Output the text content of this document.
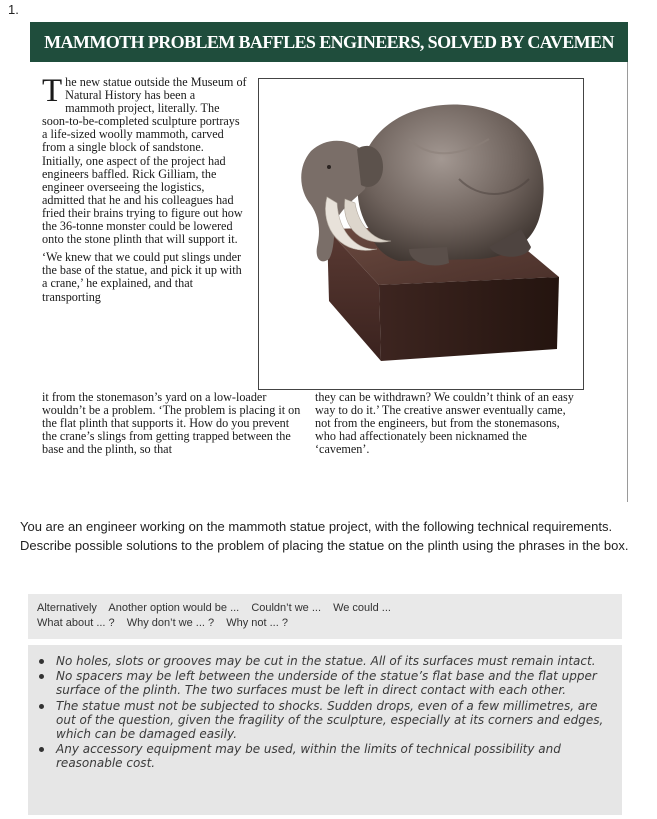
1.
MAMMOTH PROBLEM BAFFLES ENGINEERS, SOLVED BY CAVEMEN

The new statue outside the Museum of Natural History has been a mammoth project, literally. The soon-to-be-completed sculpture portrays a life-sized woolly mammoth, carved from a single block of sandstone. Initially, one aspect of the project had engineers baffled. Rick Gilliam, the engineer overseeing the logistics, admitted that he and his colleagues had fried their brains trying to figure out how the 36-tonne monster could be lowered onto the stone plinth that will support it.

‘We knew that we could put slings under the base of the statue, and pick it up with a crane,’ he explained, and that transporting

it from the stonemason’s yard on a low-loader wouldn’t be a problem. ‘The problem is placing it on the flat plinth that supports it. How do you prevent the crane’s slings from getting trapped between the base and the plinth, so that
they can be withdrawn? We couldn’t think of an easy way to do it.’ The creative answer eventually came, not from the engineers, but from the stonemasons, who had affectionately been nicknamed the ‘cavemen’.
You are an engineer working on the mammoth statue project, with the following technical requirements. Describe possible solutions to the problem of placing the statue on the plinth using the phrases in the box.
Alternatively Another option would be ... Couldn’t we ... We could ...
What about ... ? Why don’t we ... ? Why not ... ?
No holes, slots or grooves may be cut in the statue. All of its surfaces must remain intact.
No spacers may be left between the underside of the statue’s flat base and the flat upper surface of the plinth. The two surfaces must be left in direct contact with each other.
The statue must not be subjected to shocks. Sudden drops, even of a few millimetres, are out of the question, given the fragility of the sculpture, especially at its corners and edges, which can be damaged easily.
Any accessory equipment may be used, within the limits of technical possibility and reasonable cost.
